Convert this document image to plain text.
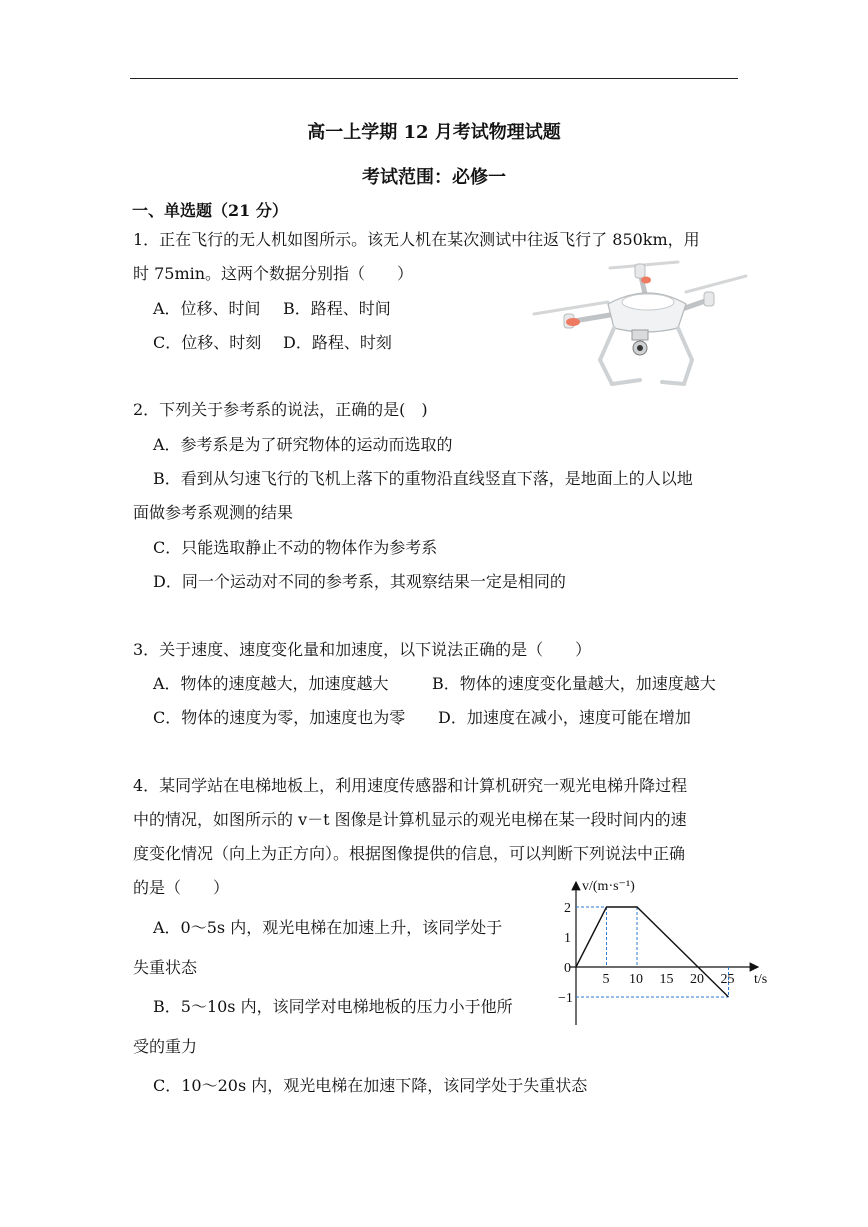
高一上学期 12 月考试物理试题
考试范围：必修一
一、单选题（21 分）
1．正在飞行的无人机如图所示。该无人机在某次测试中往返飞行了 850km，用
时 75min。这两个数据分别指（　　）
A．位移、时间 B．路程、时间
C．位移、时刻 D．路程、时刻
2．下列关于参考系的说法，正确的是(　)
A．参考系是为了研究物体的运动而选取的
B．看到从匀速飞行的飞机上落下的重物沿直线竖直下落，是地面上的人以地
面做参考系观测的结果
C．只能选取静止不动的物体作为参考系
D．同一个运动对不同的参考系，其观察结果一定是相同的
3．关于速度、速度变化量和加速度，以下说法正确的是（　　）
A．物体的速度越大，加速度越大	B．物体的速度变化量越大，加速度越大
C．物体的速度为零，加速度也为零 D．加速度在减小，速度可能在增加
4．某同学站在电梯地板上，利用速度传感器和计算机研究一观光电梯升降过程
中的情况，如图所示的 v－t 图像是计算机显示的观光电梯在某一段时间内的速
度变化情况（向上为正方向）。根据图像提供的信息，可以判断下列说法中正确
的是（　　）
A．0～5s 内，观光电梯在加速上升，该同学处于
失重状态
B．5～10s 内，该同学对电梯地板的压力小于他所
受的重力
C．10～20s 内，观光电梯在加速下降，该同学处于失重状态
v/(m·s⁻¹)
t/s
5 10 15 20 25
2
1
0
−1
